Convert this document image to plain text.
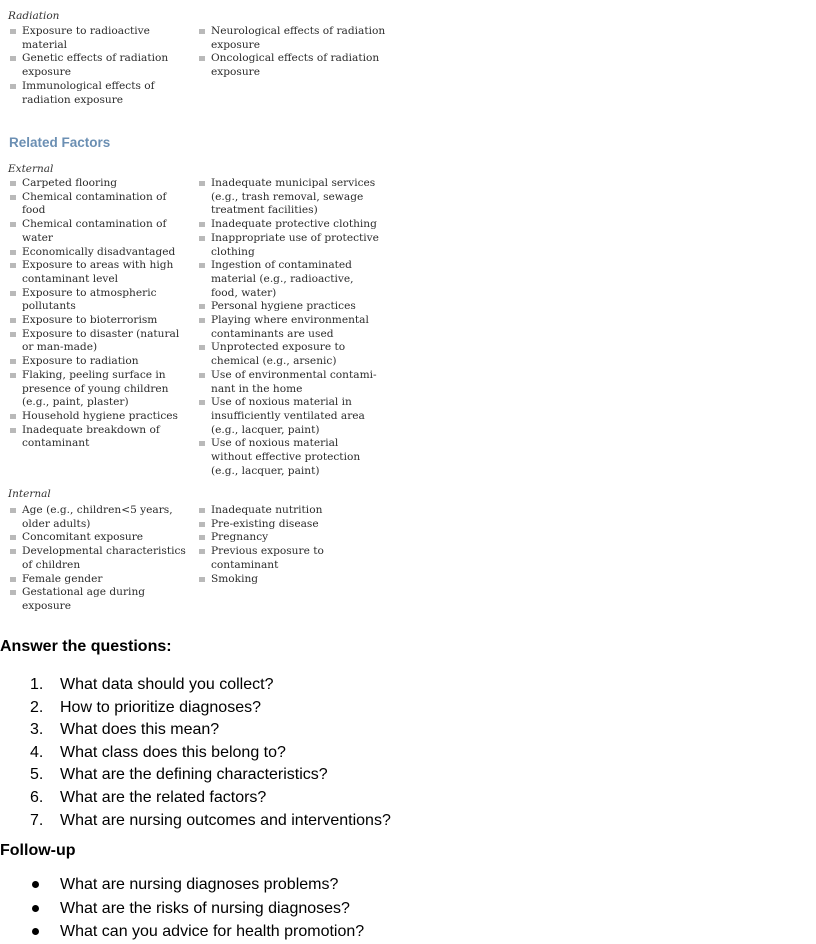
Radiation
Exposure to radioactive
material
Genetic effects of radiation
exposure
Immunological effects of
radiation exposure
Neurological effects of radiation
exposure
Oncological effects of radiation
exposure
Related Factors
External
Carpeted flooring
Chemical contamination of
food
Chemical contamination of
water
Economically disadvantaged
Exposure to areas with high
contaminant level
Exposure to atmospheric
pollutants
Exposure to bioterrorism
Exposure to disaster (natural
or man-made)
Exposure to radiation
Flaking, peeling surface in
presence of young children
(e.g., paint, plaster)
Household hygiene practices
Inadequate breakdown of
contaminant
Inadequate municipal services
(e.g., trash removal, sewage
treatment facilities)
Inadequate protective clothing
Inappropriate use of protective
clothing
Ingestion of contaminated
material (e.g., radioactive,
food, water)
Personal hygiene practices
Playing where environmental
contaminants are used
Unprotected exposure to
chemical (e.g., arsenic)
Use of environmental contami-
nant in the home
Use of noxious material in
insufficiently ventilated area
(e.g., lacquer, paint)
Use of noxious material
without effective protection
(e.g., lacquer, paint)
Internal
Age (e.g., children<5 years,
older adults)
Concomitant exposure
Developmental characteristics
of children
Female gender
Gestational age during
exposure
Inadequate nutrition
Pre-existing disease
Pregnancy
Previous exposure to
contaminant
Smoking
Answer the questions:
1. What data should you collect?
2. How to prioritize diagnoses?
3. What does this mean?
4. What class does this belong to?
5. What are the defining characteristics?
6. What are the related factors?
7. What are nursing outcomes and interventions?
Follow-up
What are nursing diagnoses problems?
What are the risks of nursing diagnoses?
What can you advice for health promotion?
